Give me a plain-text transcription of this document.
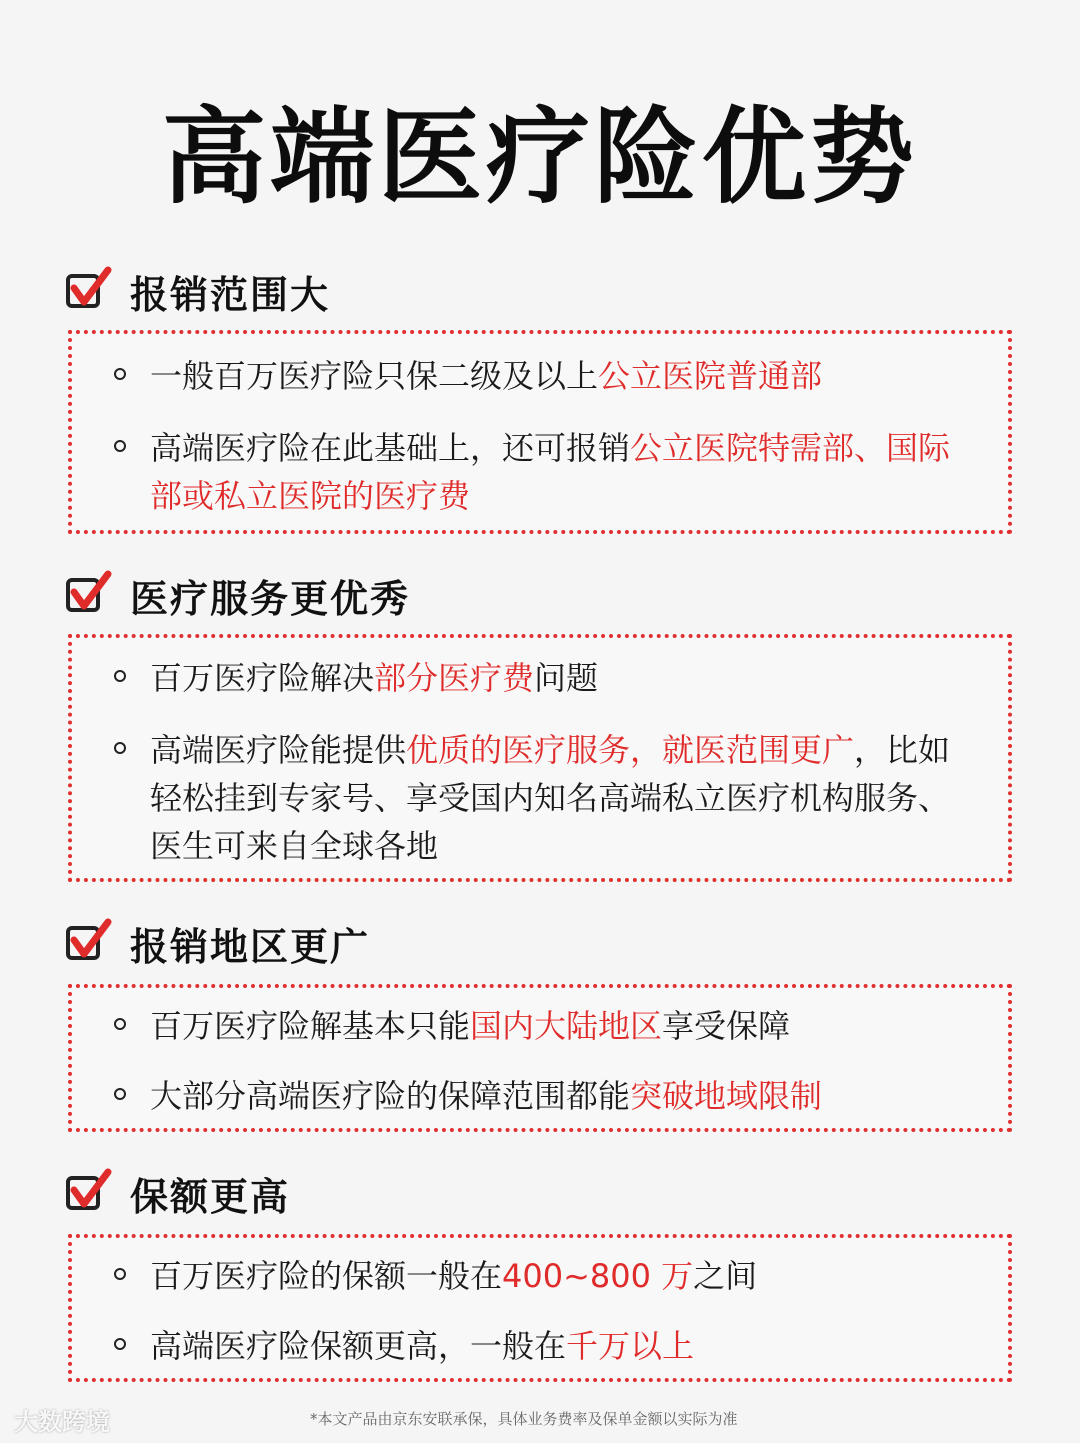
高端医疗险优势
报销范围大
一般百万医疗险只保二级及以上公立医院普通部
高端医疗险在此基础上，还可报销公立医院特需部、国际部或私立医院的医疗费
医疗服务更优秀
百万医疗险解决部分医疗费问题
高端医疗险能提供优质的医疗服务，就医范围更广，比如轻松挂到专家号、享受国内知名高端私立医疗机构服务、医生可来自全球各地
报销地区更广
百万医疗险解基本只能国内大陆地区享受保障
大部分高端医疗险的保障范围都能突破地域限制
保额更高
百万医疗险的保额一般在400~800 万之间
高端医疗险保额更高，一般在千万以上
*本文产品由京东安联承保，具体业务费率及保单金额以实际为准
大数跨境
